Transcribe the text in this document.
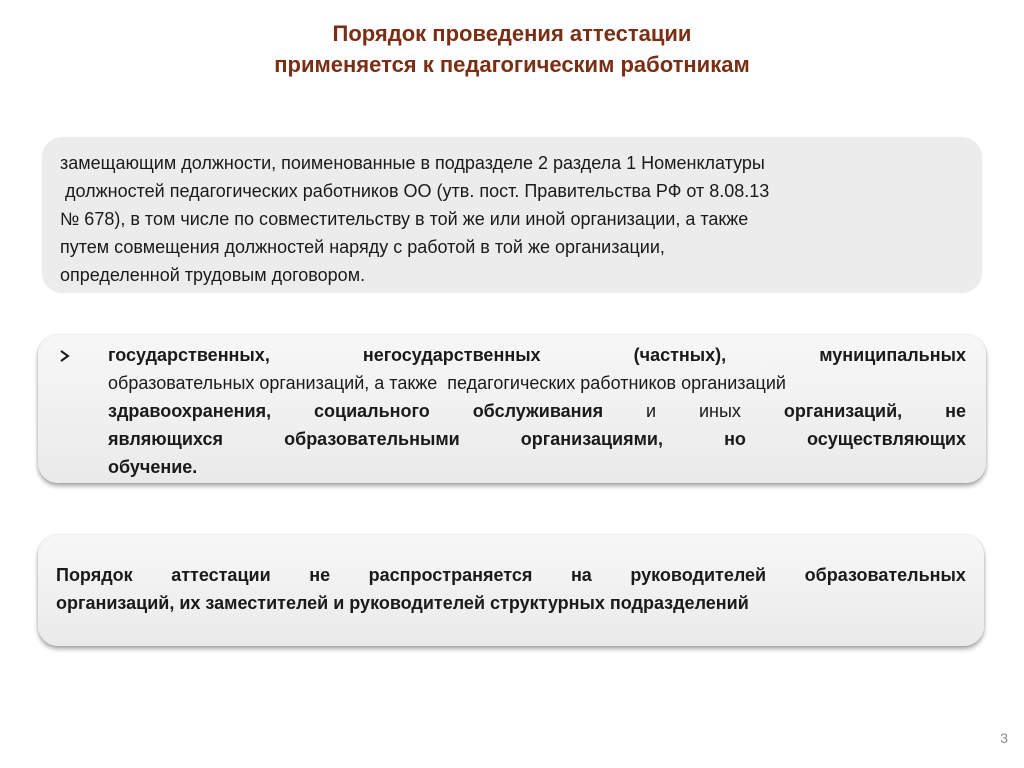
Порядок проведения аттестации
применяется к педагогическим работникам
замещающим должности, поименованные в подразделе 2 раздела 1 Номенклатуры
должностей педагогических работников ОО (утв. пост. Правительства РФ от 8.08.13
№ 678), в том числе по совместительству в той же или иной организации, а также
путем совмещения должностей наряду с работой в той же организации,
определенной трудовым договором.
государственных,	негосударственных	(частных),	муниципальных
образовательных организаций, а также  педагогических работников организаций
здравоохранения, социального обслуживания и иных организаций, не
являющихся	образовательными	организациями,	но	осуществляющих
обучение.
Порядок аттестации не распространяется на руководителей образовательных
организаций, их заместителей и руководителей структурных подразделений
3
